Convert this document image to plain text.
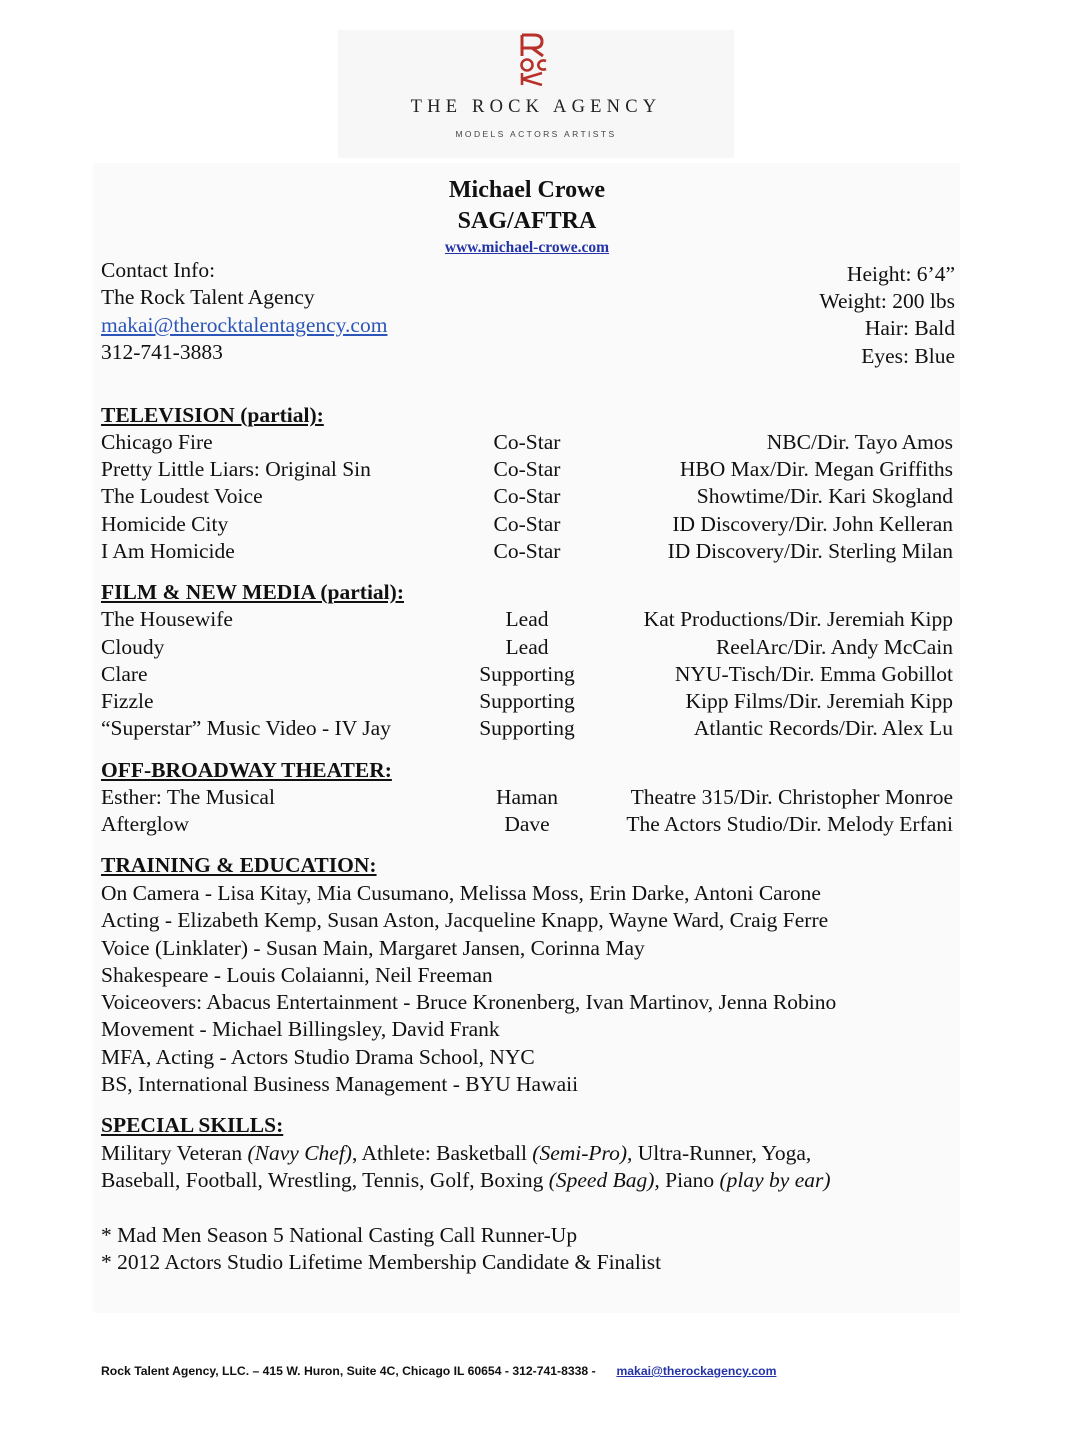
THE ROCK AGENCY
MODELS ACTORS ARTISTS
Michael Crowe
SAG/AFTRA
www.michael-crowe.com
Contact Info:
The Rock Talent Agency
makai@therocktalentagency.com
312-741-3883
Height: 6’4”
Weight: 200 lbs
Hair: Bald
Eyes: Blue
TELEVISION (partial):
Chicago Fire	Co-Star	NBC/Dir. Tayo Amos
Pretty Little Liars: Original Sin	Co-Star	HBO Max/Dir. Megan Griffiths
The Loudest Voice	Co-Star	Showtime/Dir. Kari Skogland
Homicide City	Co-Star	ID Discovery/Dir. John Kelleran
I Am Homicide	Co-Star	ID Discovery/Dir. Sterling Milan
FILM & NEW MEDIA (partial):
The Housewife	Lead	Kat Productions/Dir. Jeremiah Kipp
Cloudy	Lead	ReelArc/Dir. Andy McCain
Clare	Supporting	NYU-Tisch/Dir. Emma Gobillot
Fizzle	Supporting	Kipp Films/Dir. Jeremiah Kipp
“Superstar” Music Video - IV Jay	Supporting	Atlantic Records/Dir. Alex Lu
OFF-BROADWAY THEATER:
Esther: The Musical	Haman	Theatre 315/Dir. Christopher Monroe
Afterglow	Dave	The Actors Studio/Dir. Melody Erfani
TRAINING & EDUCATION:
On Camera - Lisa Kitay, Mia Cusumano, Melissa Moss, Erin Darke, Antoni Carone
Acting - Elizabeth Kemp, Susan Aston, Jacqueline Knapp, Wayne Ward, Craig Ferre
Voice (Linklater) - Susan Main, Margaret Jansen, Corinna May
Shakespeare - Louis Colaianni, Neil Freeman
Voiceovers: Abacus Entertainment - Bruce Kronenberg, Ivan Martinov, Jenna Robino
Movement - Michael Billingsley, David Frank
MFA, Acting - Actors Studio Drama School, NYC
BS, International Business Management - BYU Hawaii
SPECIAL SKILLS:
Military Veteran (Navy Chef), Athlete: Basketball (Semi-Pro), Ultra-Runner, Yoga,
Baseball, Football, Wrestling, Tennis, Golf, Boxing (Speed Bag), Piano (play by ear)
* Mad Men Season 5 National Casting Call Runner-Up
* 2012 Actors Studio Lifetime Membership Candidate & Finalist
Rock Talent Agency, LLC. – 415 W. Huron, Suite 4C, Chicago IL 60654 - 312-741-8338 - makai@therockagency.com
